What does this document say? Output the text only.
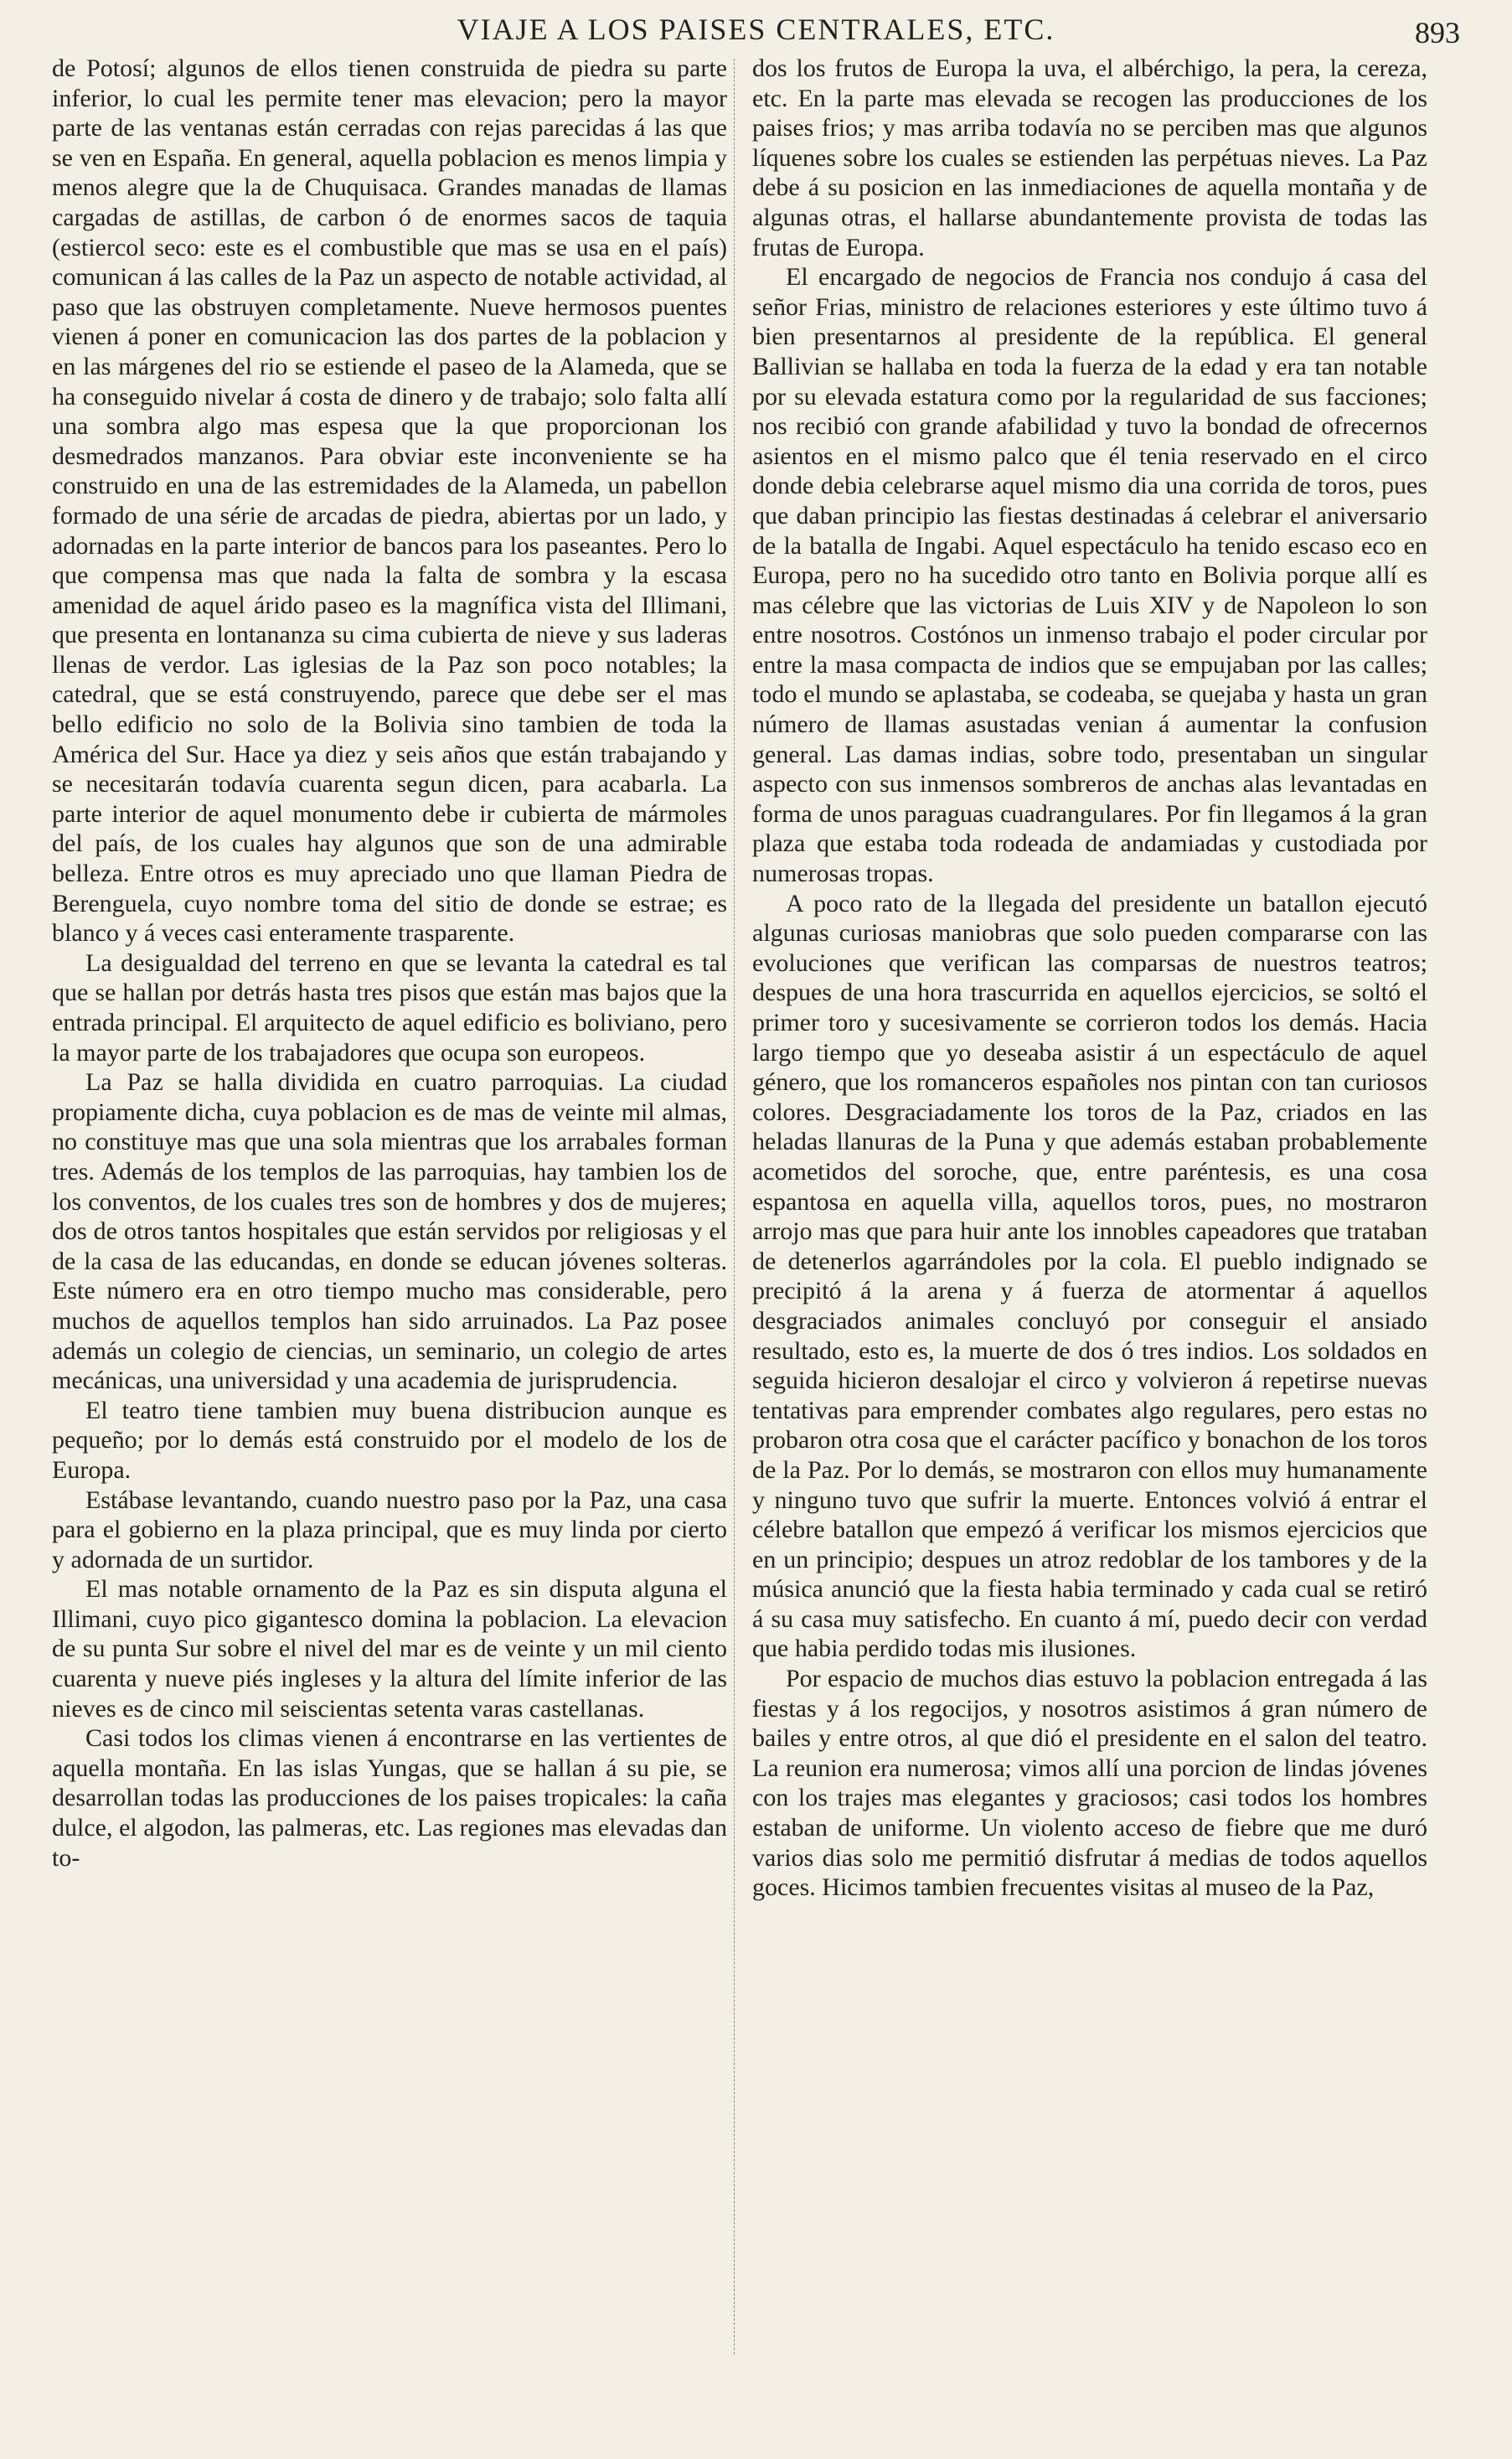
VIAJE A LOS PAISES CENTRALES, ETC.	893

de Potosí; algunos de ellos tienen construida de piedra su parte inferior, lo cual les permite tener mas elevacion; pero la mayor parte de las ventanas están cerradas con rejas parecidas á las que se ven en España. En general, aquella poblacion es menos limpia y menos alegre que la de Chuquisaca. Grandes manadas de llamas cargadas de astillas, de carbon ó de enormes sacos de taquia (estiercol seco: este es el combustible que mas se usa en el país) comunican á las calles de la Paz un aspecto de notable actividad, al paso que las obstruyen completamente. Nueve hermosos puentes vienen á poner en comunicacion las dos partes de la poblacion y en las márgenes del rio se estiende el paseo de la Alameda, que se ha conseguido nivelar á costa de dinero y de trabajo; solo falta allí una sombra algo mas espesa que la que proporcionan los desmedrados manzanos. Para obviar este inconveniente se ha construido en una de las estremidades de la Alameda, un pabellon formado de una série de arcadas de piedra, abiertas por un lado, y adornadas en la parte interior de bancos para los paseantes. Pero lo que compensa mas que nada la falta de sombra y la escasa amenidad de aquel árido paseo es la magnífica vista del Illimani, que presenta en lontananza su cima cubierta de nieve y sus laderas llenas de verdor. Las iglesias de la Paz son poco notables; la catedral, que se está construyendo, parece que debe ser el mas bello edificio no solo de la Bolivia sino tambien de toda la América del Sur. Hace ya diez y seis años que están trabajando y se necesitarán todavía cuarenta segun dicen, para acabarla. La parte interior de aquel monumento debe ir cubierta de mármoles del país, de los cuales hay algunos que son de una admirable belleza. Entre otros es muy apreciado uno que llaman Piedra de Berenguela, cuyo nombre toma del sitio de donde se estrae; es blanco y á veces casi enteramente trasparente.

La desigualdad del terreno en que se levanta la catedral es tal que se hallan por detrás hasta tres pisos que están mas bajos que la entrada principal. El arquitecto de aquel edificio es boliviano, pero la mayor parte de los trabajadores que ocupa son europeos.

La Paz se halla dividida en cuatro parroquias. La ciudad propiamente dicha, cuya poblacion es de mas de veinte mil almas, no constituye mas que una sola mientras que los arrabales forman tres. Además de los templos de las parroquias, hay tambien los de los conventos, de los cuales tres son de hombres y dos de mujeres; dos de otros tantos hospitales que están servidos por religiosas y el de la casa de las educandas, en donde se educan jóvenes solteras. Este número era en otro tiempo mucho mas considerable, pero muchos de aquellos templos han sido arruinados. La Paz posee además un colegio de ciencias, un seminario, un colegio de artes mecánicas, una universidad y una academia de jurisprudencia.

El teatro tiene tambien muy buena distribucion aunque es pequeño; por lo demás está construido por el modelo de los de Europa.

Estábase levantando, cuando nuestro paso por la Paz, una casa para el gobierno en la plaza principal, que es muy linda por cierto y adornada de un surtidor.

El mas notable ornamento de la Paz es sin disputa alguna el Illimani, cuyo pico gigantesco domina la poblacion. La elevacion de su punta Sur sobre el nivel del mar es de veinte y un mil ciento cuarenta y nueve piés ingleses y la altura del límite inferior de las nieves es de cinco mil seiscientas setenta varas castellanas.

Casi todos los climas vienen á encontrarse en las vertientes de aquella montaña. En las islas Yungas, que se hallan á su pie, se desarrollan todas las producciones de los paises tropicales: la caña dulce, el algodon, las palmeras, etc. Las regiones mas elevadas dan to-

dos los frutos de Europa la uva, el albérchigo, la pera, la cereza, etc. En la parte mas elevada se recogen las producciones de los paises frios; y mas arriba todavía no se perciben mas que algunos líquenes sobre los cuales se estienden las perpétuas nieves. La Paz debe á su posicion en las inmediaciones de aquella montaña y de algunas otras, el hallarse abundantemente provista de todas las frutas de Europa.

El encargado de negocios de Francia nos condujo á casa del señor Frias, ministro de relaciones esteriores y este último tuvo á bien presentarnos al presidente de la república. El general Ballivian se hallaba en toda la fuerza de la edad y era tan notable por su elevada estatura como por la regularidad de sus facciones; nos recibió con grande afabilidad y tuvo la bondad de ofrecernos asientos en el mismo palco que él tenia reservado en el circo donde debia celebrarse aquel mismo dia una corrida de toros, pues que daban principio las fiestas destinadas á celebrar el aniversario de la batalla de Ingabi. Aquel espectáculo ha tenido escaso eco en Europa, pero no ha sucedido otro tanto en Bolivia porque allí es mas célebre que las victorias de Luis XIV y de Napoleon lo son entre nosotros. Costónos un inmenso trabajo el poder circular por entre la masa compacta de indios que se empujaban por las calles; todo el mundo se aplastaba, se codeaba, se quejaba y hasta un gran número de llamas asustadas venian á aumentar la confusion general. Las damas indias, sobre todo, presentaban un singular aspecto con sus inmensos sombreros de anchas alas levantadas en forma de unos paraguas cuadrangulares. Por fin llegamos á la gran plaza que estaba toda rodeada de andamiadas y custodiada por numerosas tropas.

A poco rato de la llegada del presidente un batallon ejecutó algunas curiosas maniobras que solo pueden compararse con las evoluciones que verifican las comparsas de nuestros teatros; despues de una hora trascurrida en aquellos ejercicios, se soltó el primer toro y sucesivamente se corrieron todos los demás. Hacia largo tiempo que yo deseaba asistir á un espectáculo de aquel género, que los romanceros españoles nos pintan con tan curiosos colores. Desgraciadamente los toros de la Paz, criados en las heladas llanuras de la Puna y que además estaban probablemente acometidos del soroche, que, entre paréntesis, es una cosa espantosa en aquella villa, aquellos toros, pues, no mostraron arrojo mas que para huir ante los innobles capeadores que trataban de detenerlos agarrándoles por la cola. El pueblo indignado se precipitó á la arena y á fuerza de atormentar á aquellos desgraciados animales concluyó por conseguir el ansiado resultado, esto es, la muerte de dos ó tres indios. Los soldados en seguida hicieron desalojar el circo y volvieron á repetirse nuevas tentativas para emprender combates algo regulares, pero estas no probaron otra cosa que el carácter pacífico y bonachon de los toros de la Paz. Por lo demás, se mostraron con ellos muy humanamente y ninguno tuvo que sufrir la muerte. Entonces volvió á entrar el célebre batallon que empezó á verificar los mismos ejercicios que en un principio; despues un atroz redoblar de los tambores y de la música anunció que la fiesta habia terminado y cada cual se retiró á su casa muy satisfecho. En cuanto á mí, puedo decir con verdad que habia perdido todas mis ilusiones.

Por espacio de muchos dias estuvo la poblacion entregada á las fiestas y á los regocijos, y nosotros asistimos á gran número de bailes y entre otros, al que dió el presidente en el salon del teatro. La reunion era numerosa; vimos allí una porcion de lindas jóvenes con los trajes mas elegantes y graciosos; casi todos los hombres estaban de uniforme. Un violento acceso de fiebre que me duró varios dias solo me permitió disfrutar á medias de todos aquellos goces. Hicimos tambien frecuentes visitas al museo de la Paz,
